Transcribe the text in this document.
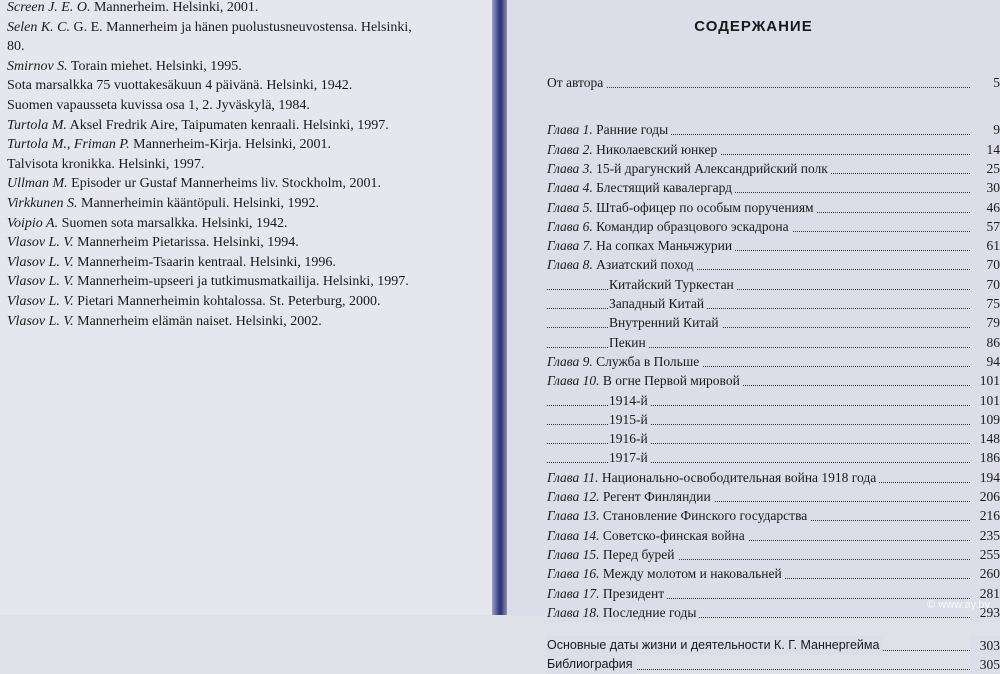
Screen J. E. O. Mannerheim. Helsinki, 2001.
Selen K. C. G. E. Mannerheim ja hänen puolustusneuvostensa. Helsinki,
80.
Smirnov S. Torain miehet. Helsinki, 1995.
Sota marsalkka 75 vuottakesäkuun 4 päivänä. Helsinki, 1942.
Suomen vapausseta kuvissa osa 1, 2. Jyväskylä, 1984.
Turtola M. Aksel Fredrik Aire, Taipumaten kenraali. Helsinki, 1997.
Turtola M., Friman P. Mannerheim-Kirja. Helsinki, 2001.
Talvisota kronikka. Helsinki, 1997.
Ullman M. Episoder ur Gustaf Mannerheims liv. Stockholm, 2001.
Virkkunen S. Mannerheimin kääntöpuli. Helsinki, 1992.
Voipio A. Suomen sota marsalkka. Helsinki, 1942.
Vlasov L. V. Mannerheim Pietarissa. Helsinki, 1994.
Vlasov L. V. Mannerheim-Tsaarin kentraal. Helsinki, 1996.
Vlasov L. V. Mannerheim-upseeri ja tutkimusmatkailija. Helsinki, 1997.
Vlasov L. V. Pietari Mannerheimin kohtalossa. St. Peterburg, 2000.
Vlasov L. V. Mannerheim elämän naiset. Helsinki, 2002.
СОДЕРЖАНИЕ
От автора	5
Глава 1. Ранние годы	9
Глава 2. Николаевский юнкер	14
Глава 3. 15-й драгунский Александрийский полк	25
Глава 4. Блестящий кавалергард	30
Глава 5. Штаб-офицер по особым поручениям	46
Глава 6. Командир образцового эскадрона	57
Глава 7. На сопках Маньчжурии	61
Глава 8. Азиатский поход	70
Китайский Туркестан	70
Западный Китай	75
Внутренний Китай	79
Пекин	86
Глава 9. Служба в Польше	94
Глава 10. В огне Первой мировой	101
1914-й	101
1915-й	109
1916-й	148
1917-й	186
Глава 11. Национально-освободительная война 1918 года	194
Глава 12. Регент Финляндии	206
Глава 13. Становление Финского государства	216
Глава 14. Советско-финская война	235
Глава 15. Перед бурей	255
Глава 16. Между молотом и наковальней	260
Глава 17. Президент	281
Глава 18. Последние годы	293
Основные даты жизни и деятельности К. Г. Маннергейма	303
Библиография	305
© www.ay.by
